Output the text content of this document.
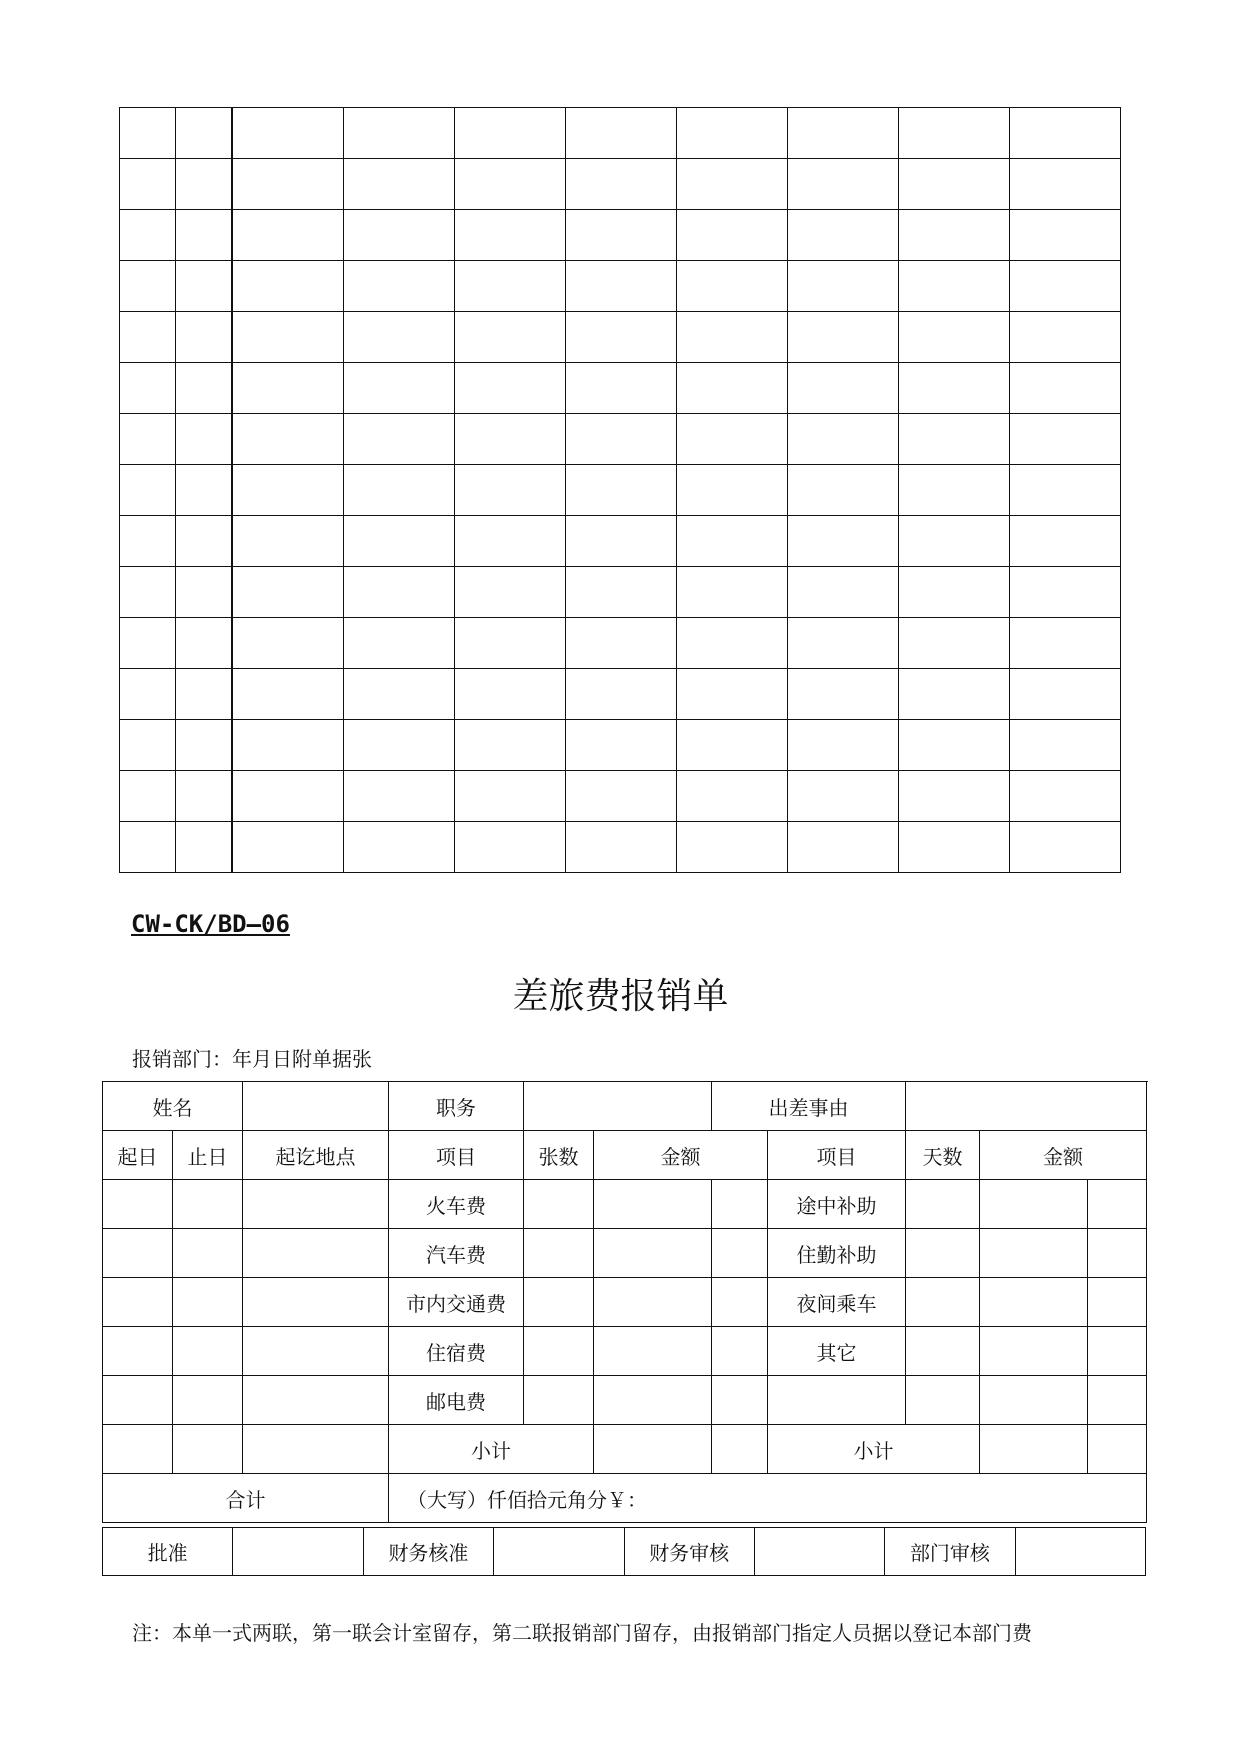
CW-CK/BD—06
差旅费报销单
报销部门：年月日附单据张
姓名			职务			出差事由				
起日	止日	起讫地点	项目	张数	金额		项目	天数	金额	
			火车费				途中补助			
			汽车费				住勤补助			
			市内交通费				夜间乘车			
			住宿费				其它			
			邮电费							
			小计				小计			
合计			（大写）仟佰拾元角分￥：							
批准		财务核准		财务审核		部门审核	
注：本单一式两联，第一联会计室留存，第二联报销部门留存，由报销部门指定人员据以登记本部门费
